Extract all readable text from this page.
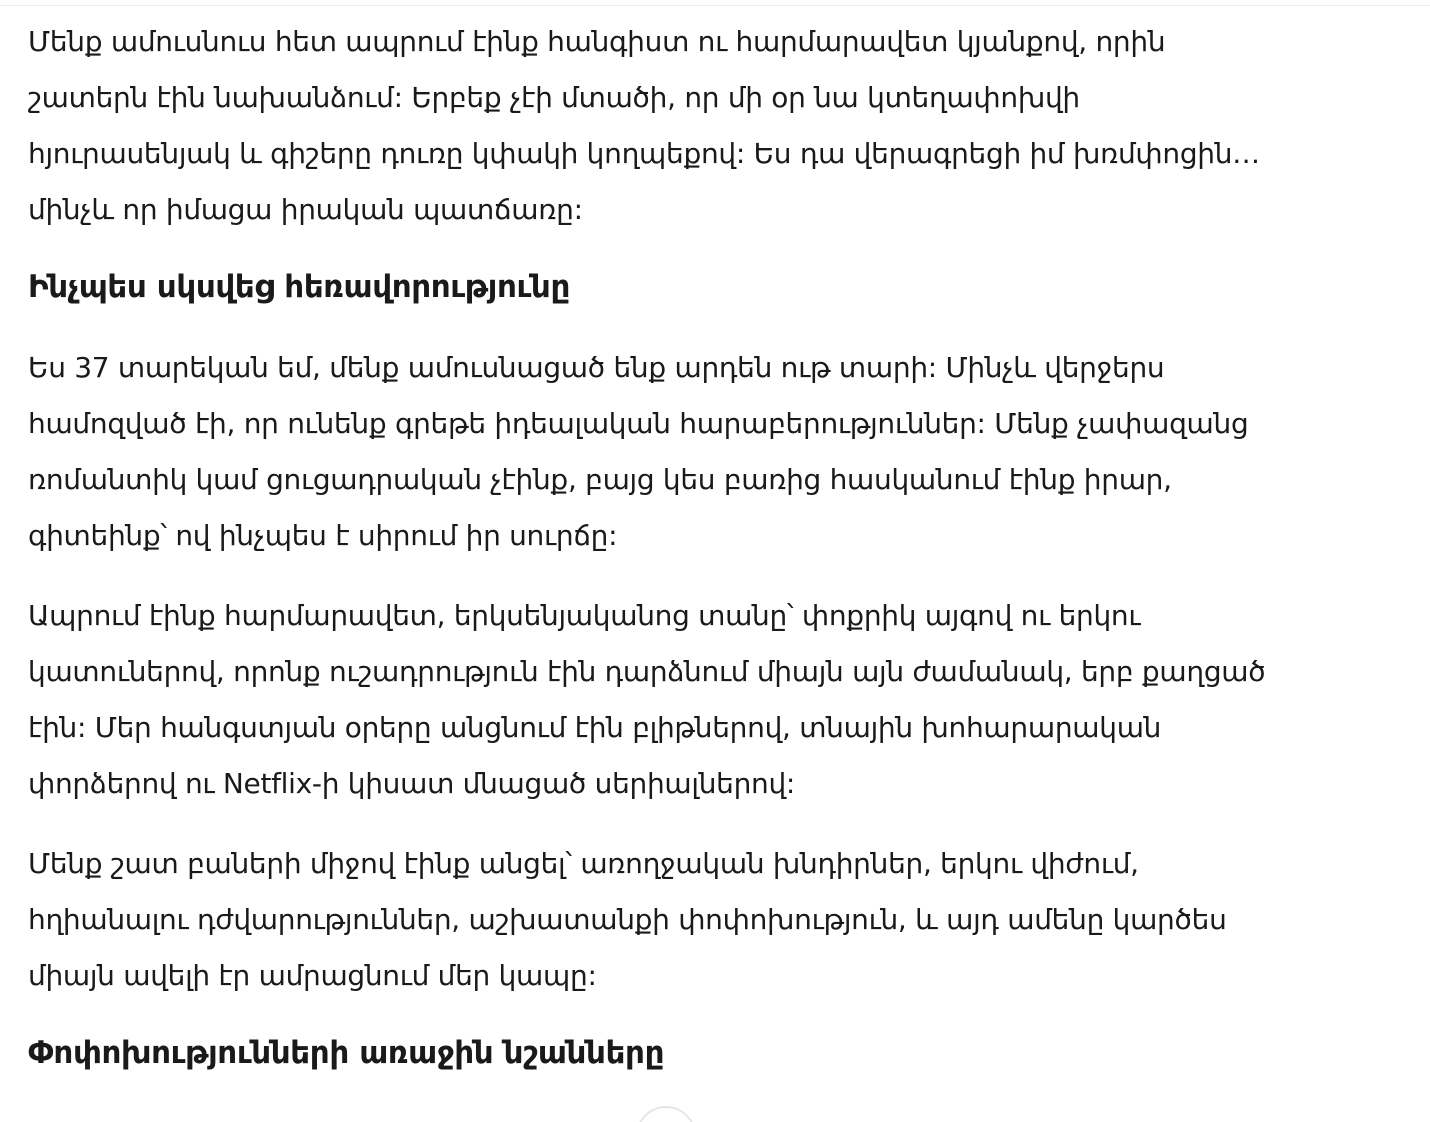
Մենք ամուսնուս հետ ապրում էինք հանգիստ ու հարմարավետ կյանքով, որին
շատերն էին նախանձում: Երբեք չէի մտածի, որ մի օր նա կտեղափոխվի
հյուրասենյակ և գիշերը դուռը կփակի կողպեքով: Ես դա վերագրեցի իմ խռմփոցին…
մինչև որ իմացա իրական պատճառը:

Ինչպես սկսվեց հեռավորությունը

Ես 37 տարեկան եմ, մենք ամուսնացած ենք արդեն ութ տարի: Մինչև վերջերս
համոզված էի, որ ունենք գրեթե իդեալական հարաբերություններ: Մենք չափազանց
ռոմանտիկ կամ ցուցադրական չէինք, բայց կես բառից հասկանում էինք իրար,
գիտեինք՝ ով ինչպես է սիրում իր սուրճը:

Ապրում էինք հարմարավետ, երկսենյականոց տանը՝ փոքրիկ այգով ու երկու
կատուներով, որոնք ուշադրություն էին դարձնում միայն այն ժամանակ, երբ քաղցած
էին: Մեր հանգստյան օրերը անցնում էին բլիթներով, տնային խոհարարական
փորձերով ու Netflix-ի կիսատ մնացած սերիալներով:

Մենք շատ բաների միջով էինք անցել՝ առողջական խնդիրներ, երկու վիժում,
հղիանալու դժվարություններ, աշխատանքի փոփոխություն, և այդ ամենը կարծես
միայն ավելի էր ամրացնում մեր կապը:

Փոփոխությունների առաջին նշանները
